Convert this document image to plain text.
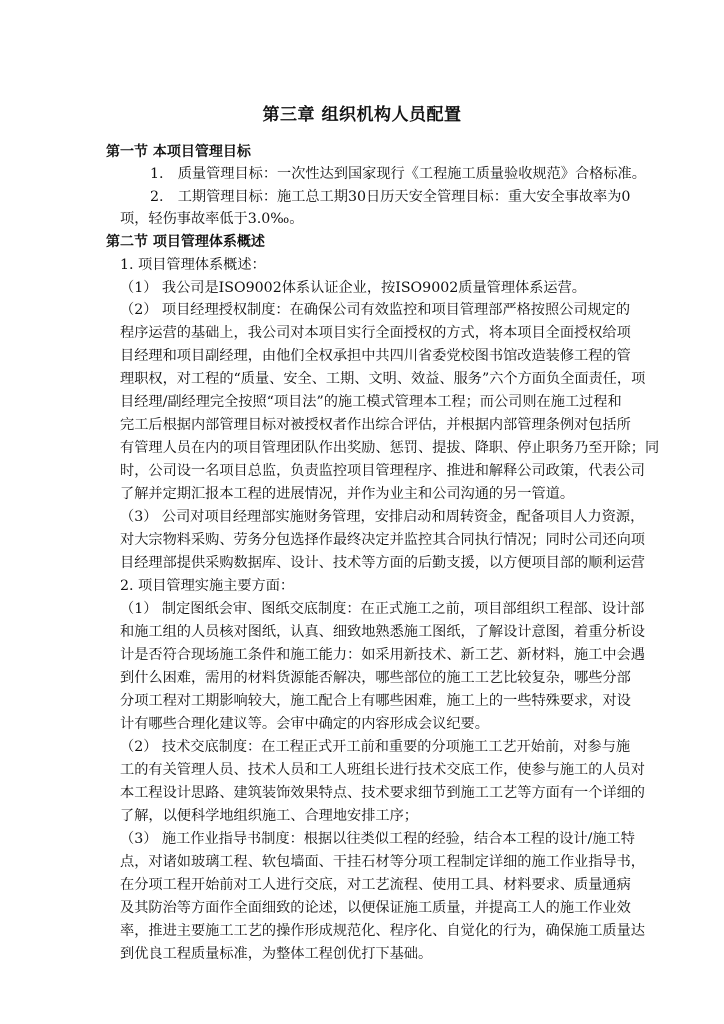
第三章 组织机构人员配置
第一节 本项目管理目标
1.　质量管理目标：一次性达到国家现行《工程施工质量验收规范》合格标准。
2.　工期管理目标：施工总工期30日历天安全管理目标：重大安全事故率为0
项，轻伤事故率低于3.0‰。
第二节 项目管理体系概述
1. 项目管理体系概述：
（1） 我公司是ISO9002体系认证企业，按ISO9002质量管理体系运营。
（2） 项目经理授权制度：在确保公司有效监控和项目管理部严格按照公司规定的
程序运营的基础上，我公司对本项目实行全面授权的方式，将本项目全面授权给项
目经理和项目副经理，由他们全权承担中共四川省委党校图书馆改造装修工程的管
理职权，对工程的“质量、安全、工期、文明、效益、服务”六个方面负全面责任，项
目经理/副经理完全按照“项目法”的施工模式管理本工程；而公司则在施工过程和
完工后根据内部管理目标对被授权者作出综合评估，并根据内部管理条例对包括所
有管理人员在内的项目管理团队作出奖励、惩罚、提拔、降职、停止职务乃至开除；同
时，公司设一名项目总监，负责监控项目管理程序、推进和解释公司政策，代表公司
了解并定期汇报本工程的进展情况，并作为业主和公司沟通的另一管道。
（3） 公司对项目经理部实施财务管理，安排启动和周转资金，配备项目人力资源，
对大宗物料采购、劳务分包选择作最终决定并监控其合同执行情况；同时公司还向项
目经理部提供采购数据库、设计、技术等方面的后勤支援，以方便项目部的顺利运营
2. 项目管理实施主要方面：
（1） 制定图纸会审、图纸交底制度：在正式施工之前，项目部组织工程部、设计部
和施工组的人员核对图纸，认真、细致地熟悉施工图纸，了解设计意图，着重分析设
计是否符合现场施工条件和施工能力：如采用新技术、新工艺、新材料，施工中会遇
到什么困难，需用的材料货源能否解决，哪些部位的施工工艺比较复杂，哪些分部
分项工程对工期影响较大，施工配合上有哪些困难，施工上的一些特殊要求，对设
计有哪些合理化建议等。会审中确定的内容形成会议纪要。
（2） 技术交底制度：在工程正式开工前和重要的分项施工工艺开始前，对参与施
工的有关管理人员、技术人员和工人班组长进行技术交底工作，使参与施工的人员对
本工程设计思路、建筑装饰效果特点、技术要求细节到施工工艺等方面有一个详细的
了解，以便科学地组织施工、合理地安排工序；
（3） 施工作业指导书制度：根据以往类似工程的经验，结合本工程的设计/施工特
点，对诸如玻璃工程、软包墙面、干挂石材等分项工程制定详细的施工作业指导书，
在分项工程开始前对工人进行交底，对工艺流程、使用工具、材料要求、质量通病
及其防治等方面作全面细致的论述，以便保证施工质量，并提高工人的施工作业效
率，推进主要施工工艺的操作形成规范化、程序化、自觉化的行为，确保施工质量达
到优良工程质量标准，为整体工程创优打下基础。
